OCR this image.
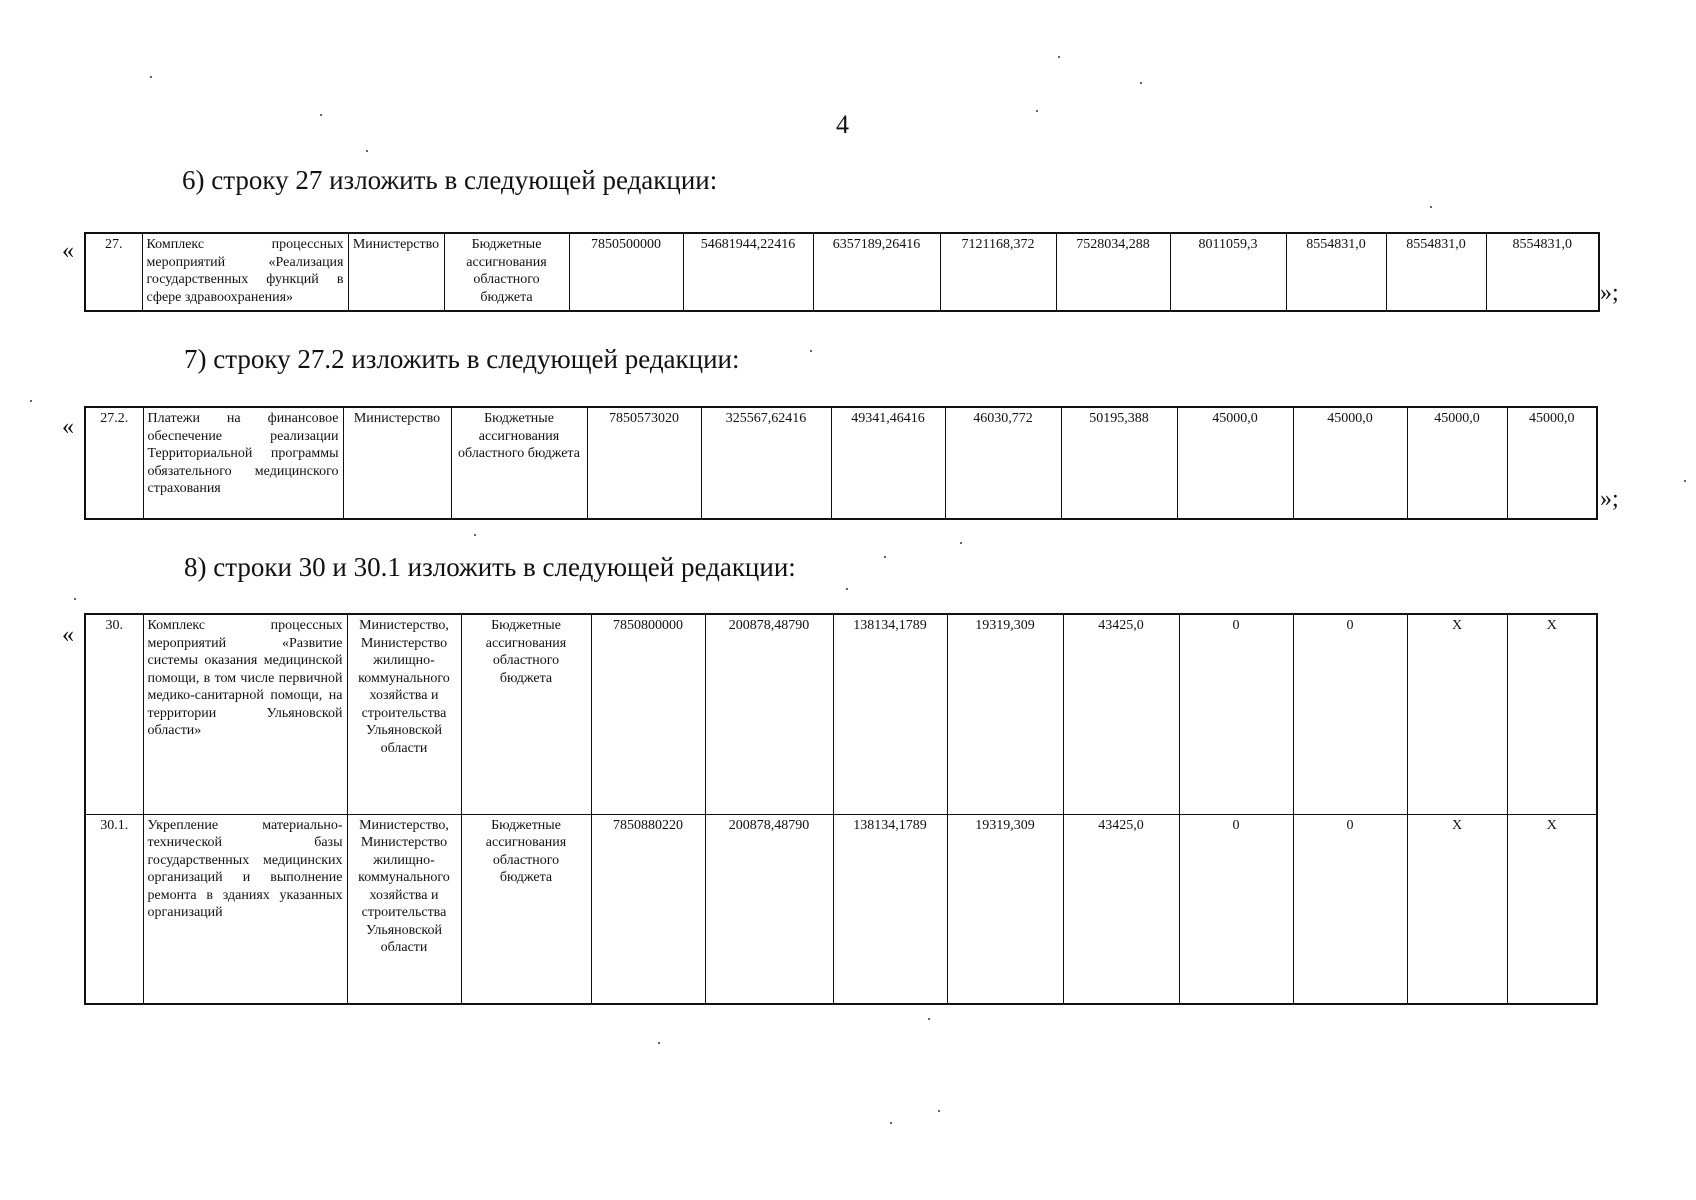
4
6) строку 27 изложить в следующей редакции:
« 27.	Комплекс процессных мероприятий «Реализация государственных функций в сфере здравоохранения»	Министерство	Бюджетные ассигнования областного бюджета	7850500000	54681944,22416	6357189,26416	7121168,372	7528034,288	8011059,3	8554831,0	8554831,0	8554831,0
»;
7) строку 27.2 изложить в следующей редакции:
« 27.2.	Платежи на финансовое обеспечение реализации Территориальной программы обязательного медицинского страхования	Министерство	Бюджетные ассигнования областного бюджета	7850573020	325567,62416	49341,46416	46030,772	50195,388	45000,0	45000,0	45000,0	45000,0
»;
8) строки 30 и 30.1 изложить в следующей редакции:
« 30.	Комплекс процессных мероприятий «Развитие системы оказания медицинской помощи, в том числе первичной медико-санитарной помощи, на территории Ульяновской области»	Министерство, Министерство жилищно-коммунального хозяйства и строительства Ульяновской области	Бюджетные ассигнования областного бюджета	7850800000	200878,48790	138134,1789	19319,309	43425,0	0	0	X	X
30.1.	Укрепление материально-технической базы государственных медицинских организаций и выполнение ремонта в зданиях указанных организаций	Министерство, Министерство жилищно-коммунального хозяйства и строительства Ульяновской области	Бюджетные ассигнования областного бюджета	7850880220	200878,48790	138134,1789	19319,309	43425,0	0	0	X	X
